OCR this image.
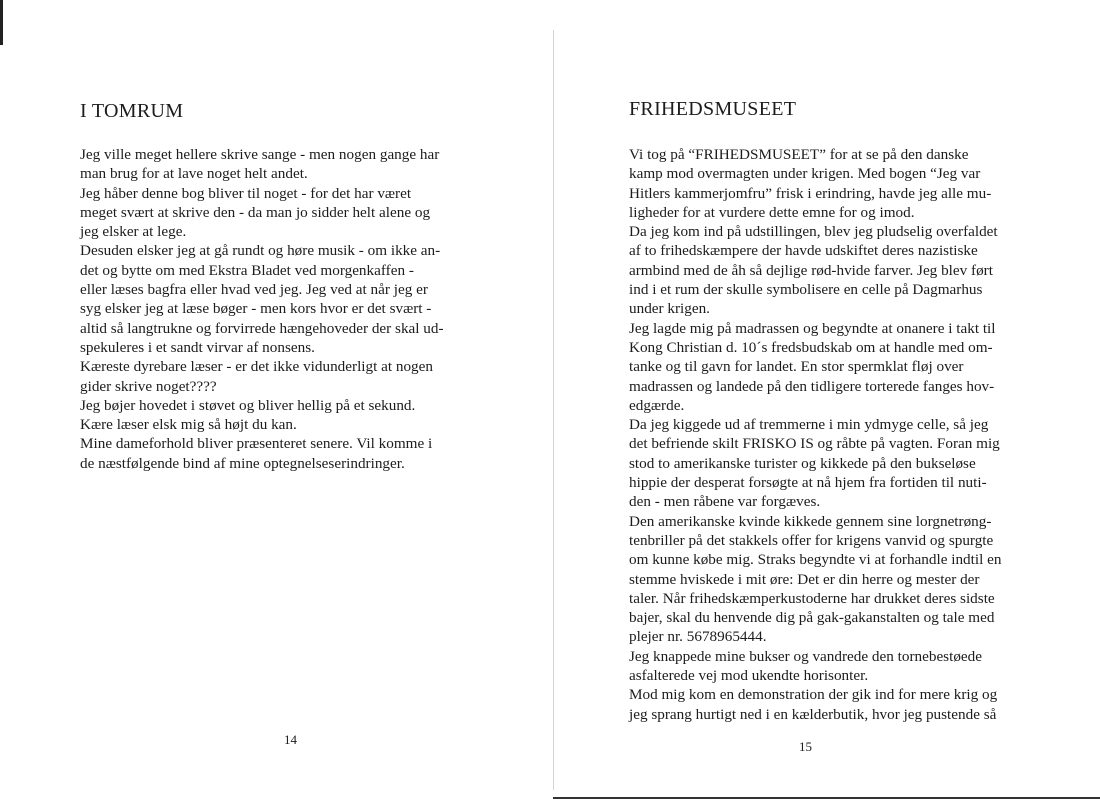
I TOMRUM
Jeg ville meget hellere skrive sange - men nogen gange har
man brug for at lave noget helt andet.
Jeg håber denne bog bliver til noget - for det har været
meget svært at skrive den - da man jo sidder helt alene og
jeg elsker at lege.
Desuden elsker jeg at gå rundt og høre musik - om ikke an-
det og bytte om med Ekstra Bladet ved morgenkaffen -
eller læses bagfra eller hvad ved jeg. Jeg ved at når jeg er
syg elsker jeg at læse bøger - men kors hvor er det svært -
altid så langtrukne og forvirrede hængehoveder der skal ud-
spekuleres i et sandt virvar af nonsens.
Kæreste dyrebare læser - er det ikke vidunderligt at nogen
gider skrive noget????
Jeg bøjer hovedet i støvet og bliver hellig på et sekund.
Kære læser elsk mig så højt du kan.
Mine dameforhold bliver præsenteret senere. Vil komme i
de næstfølgende bind af mine optegnelseserindringer.
14
FRIHEDSMUSEET
Vi tog på “FRIHEDSMUSEET” for at se på den danske
kamp mod overmagten under krigen. Med bogen “Jeg var
Hitlers kammerjomfru” frisk i erindring, havde jeg alle mu-
ligheder for at vurdere dette emne for og imod.
Da jeg kom ind på udstillingen, blev jeg pludselig overfaldet
af to frihedskæmpere der havde udskiftet deres nazistiske
armbind med de åh så dejlige rød-hvide farver. Jeg blev ført
ind i et rum der skulle symbolisere en celle på Dagmarhus
under krigen.
Jeg lagde mig på madrassen og begyndte at onanere i takt til
Kong Christian d. 10´s fredsbudskab om at handle med om-
tanke og til gavn for landet. En stor spermklat fløj over
madrassen og landede på den tidligere torterede fanges hov-
edgærde.
Da jeg kiggede ud af tremmerne i min ydmyge celle, så jeg
det befriende skilt FRISKO IS og råbte på vagten. Foran mig
stod to amerikanske turister og kikkede på den bukseløse
hippie der desperat forsøgte at nå hjem fra fortiden til nuti-
den - men råbene var forgæves.
Den amerikanske kvinde kikkede gennem sine lorgnetrøng-
tenbriller på det stakkels offer for krigens vanvid og spurgte
om kunne købe mig. Straks begyndte vi at forhandle indtil en
stemme hviskede i mit øre: Det er din herre og mester der
taler. Når frihedskæmperkustoderne har drukket deres sidste
bajer, skal du henvende dig på gak-gakanstalten og tale med
plejer nr. 5678965444.
Jeg knappede mine bukser og vandrede den tornebestøede
asfalterede vej mod ukendte horisonter.
Mod mig kom en demonstration der gik ind for mere krig og
jeg sprang hurtigt ned i en kælderbutik, hvor jeg pustende så
15
